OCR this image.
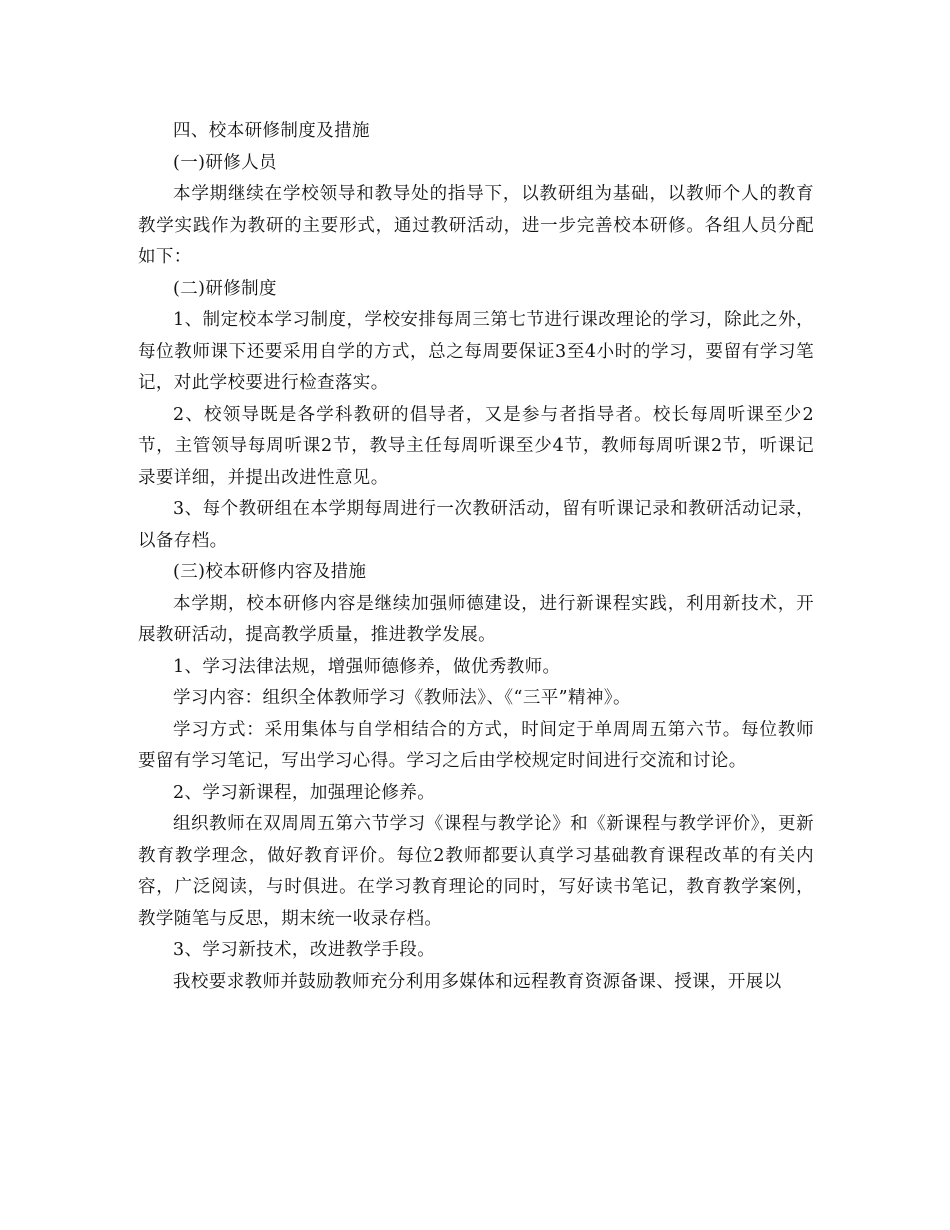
四、校本研修制度及措施

(一)研修人员

本学期继续在学校领导和教导处的指导下，以教研组为基础，以教师个人的教育教学实践作为教研的主要形式，通过教研活动，进一步完善校本研修。各组人员分配如下：

(二)研修制度

1、制定校本学习制度，学校安排每周三第七节进行课改理论的学习，除此之外，每位教师课下还要采用自学的方式，总之每周要保证3至4小时的学习，要留有学习笔记，对此学校要进行检查落实。

2、校领导既是各学科教研的倡导者，又是参与者指导者。校长每周听课至少2节，主管领导每周听课2节，教导主任每周听课至少4节，教师每周听课2节，听课记录要详细，并提出改进性意见。

3、每个教研组在本学期每周进行一次教研活动，留有听课记录和教研活动记录，以备存档。

(三)校本研修内容及措施

本学期，校本研修内容是继续加强师德建设，进行新课程实践，利用新技术，开展教研活动，提高教学质量，推进教学发展。

1、学习法律法规，增强师德修养，做优秀教师。

学习内容：组织全体教师学习《教师法》、《“三平”精神》。

学习方式：采用集体与自学相结合的方式，时间定于单周周五第六节。每位教师要留有学习笔记，写出学习心得。学习之后由学校规定时间进行交流和讨论。

2、学习新课程，加强理论修养。

组织教师在双周周五第六节学习《课程与教学论》和《新课程与教学评价》，更新教育教学理念，做好教育评价。每位2教师都要认真学习基础教育课程改革的有关内容，广泛阅读，与时俱进。在学习教育理论的同时，写好读书笔记，教育教学案例，教学随笔与反思，期末统一收录存档。

3、学习新技术，改进教学手段。

我校要求教师并鼓励教师充分利用多媒体和远程教育资源备课、授课，开展以
